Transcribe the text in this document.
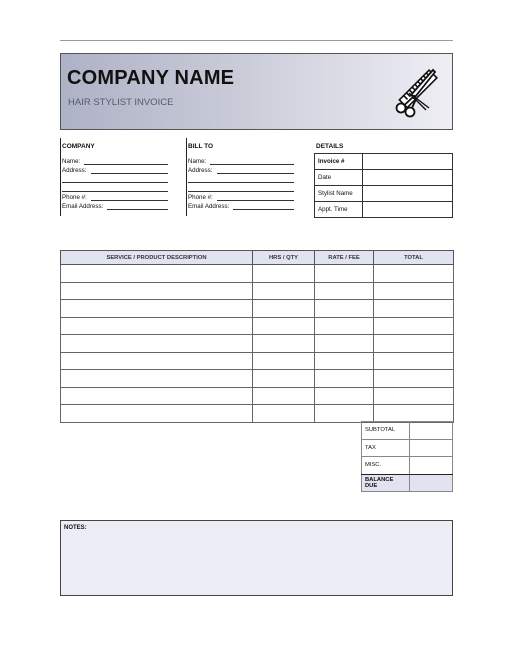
COMPANY NAME
HAIR STYLIST INVOICE
COMPANY
Name:
Address:
Phone #:
Email Address:
BILL TO
Name:
Address:
Phone #:
Email Address:
DETAILS
Invoice #	
Date	
Stylist Name	
Appt. Time	
SERVICE / PRODUCT DESCRIPTION	HRS / QTY	RATE / FEE	TOTAL

SUBTOTAL	
TAX	
MISC.	
BALANCE DUE	
NOTES:
